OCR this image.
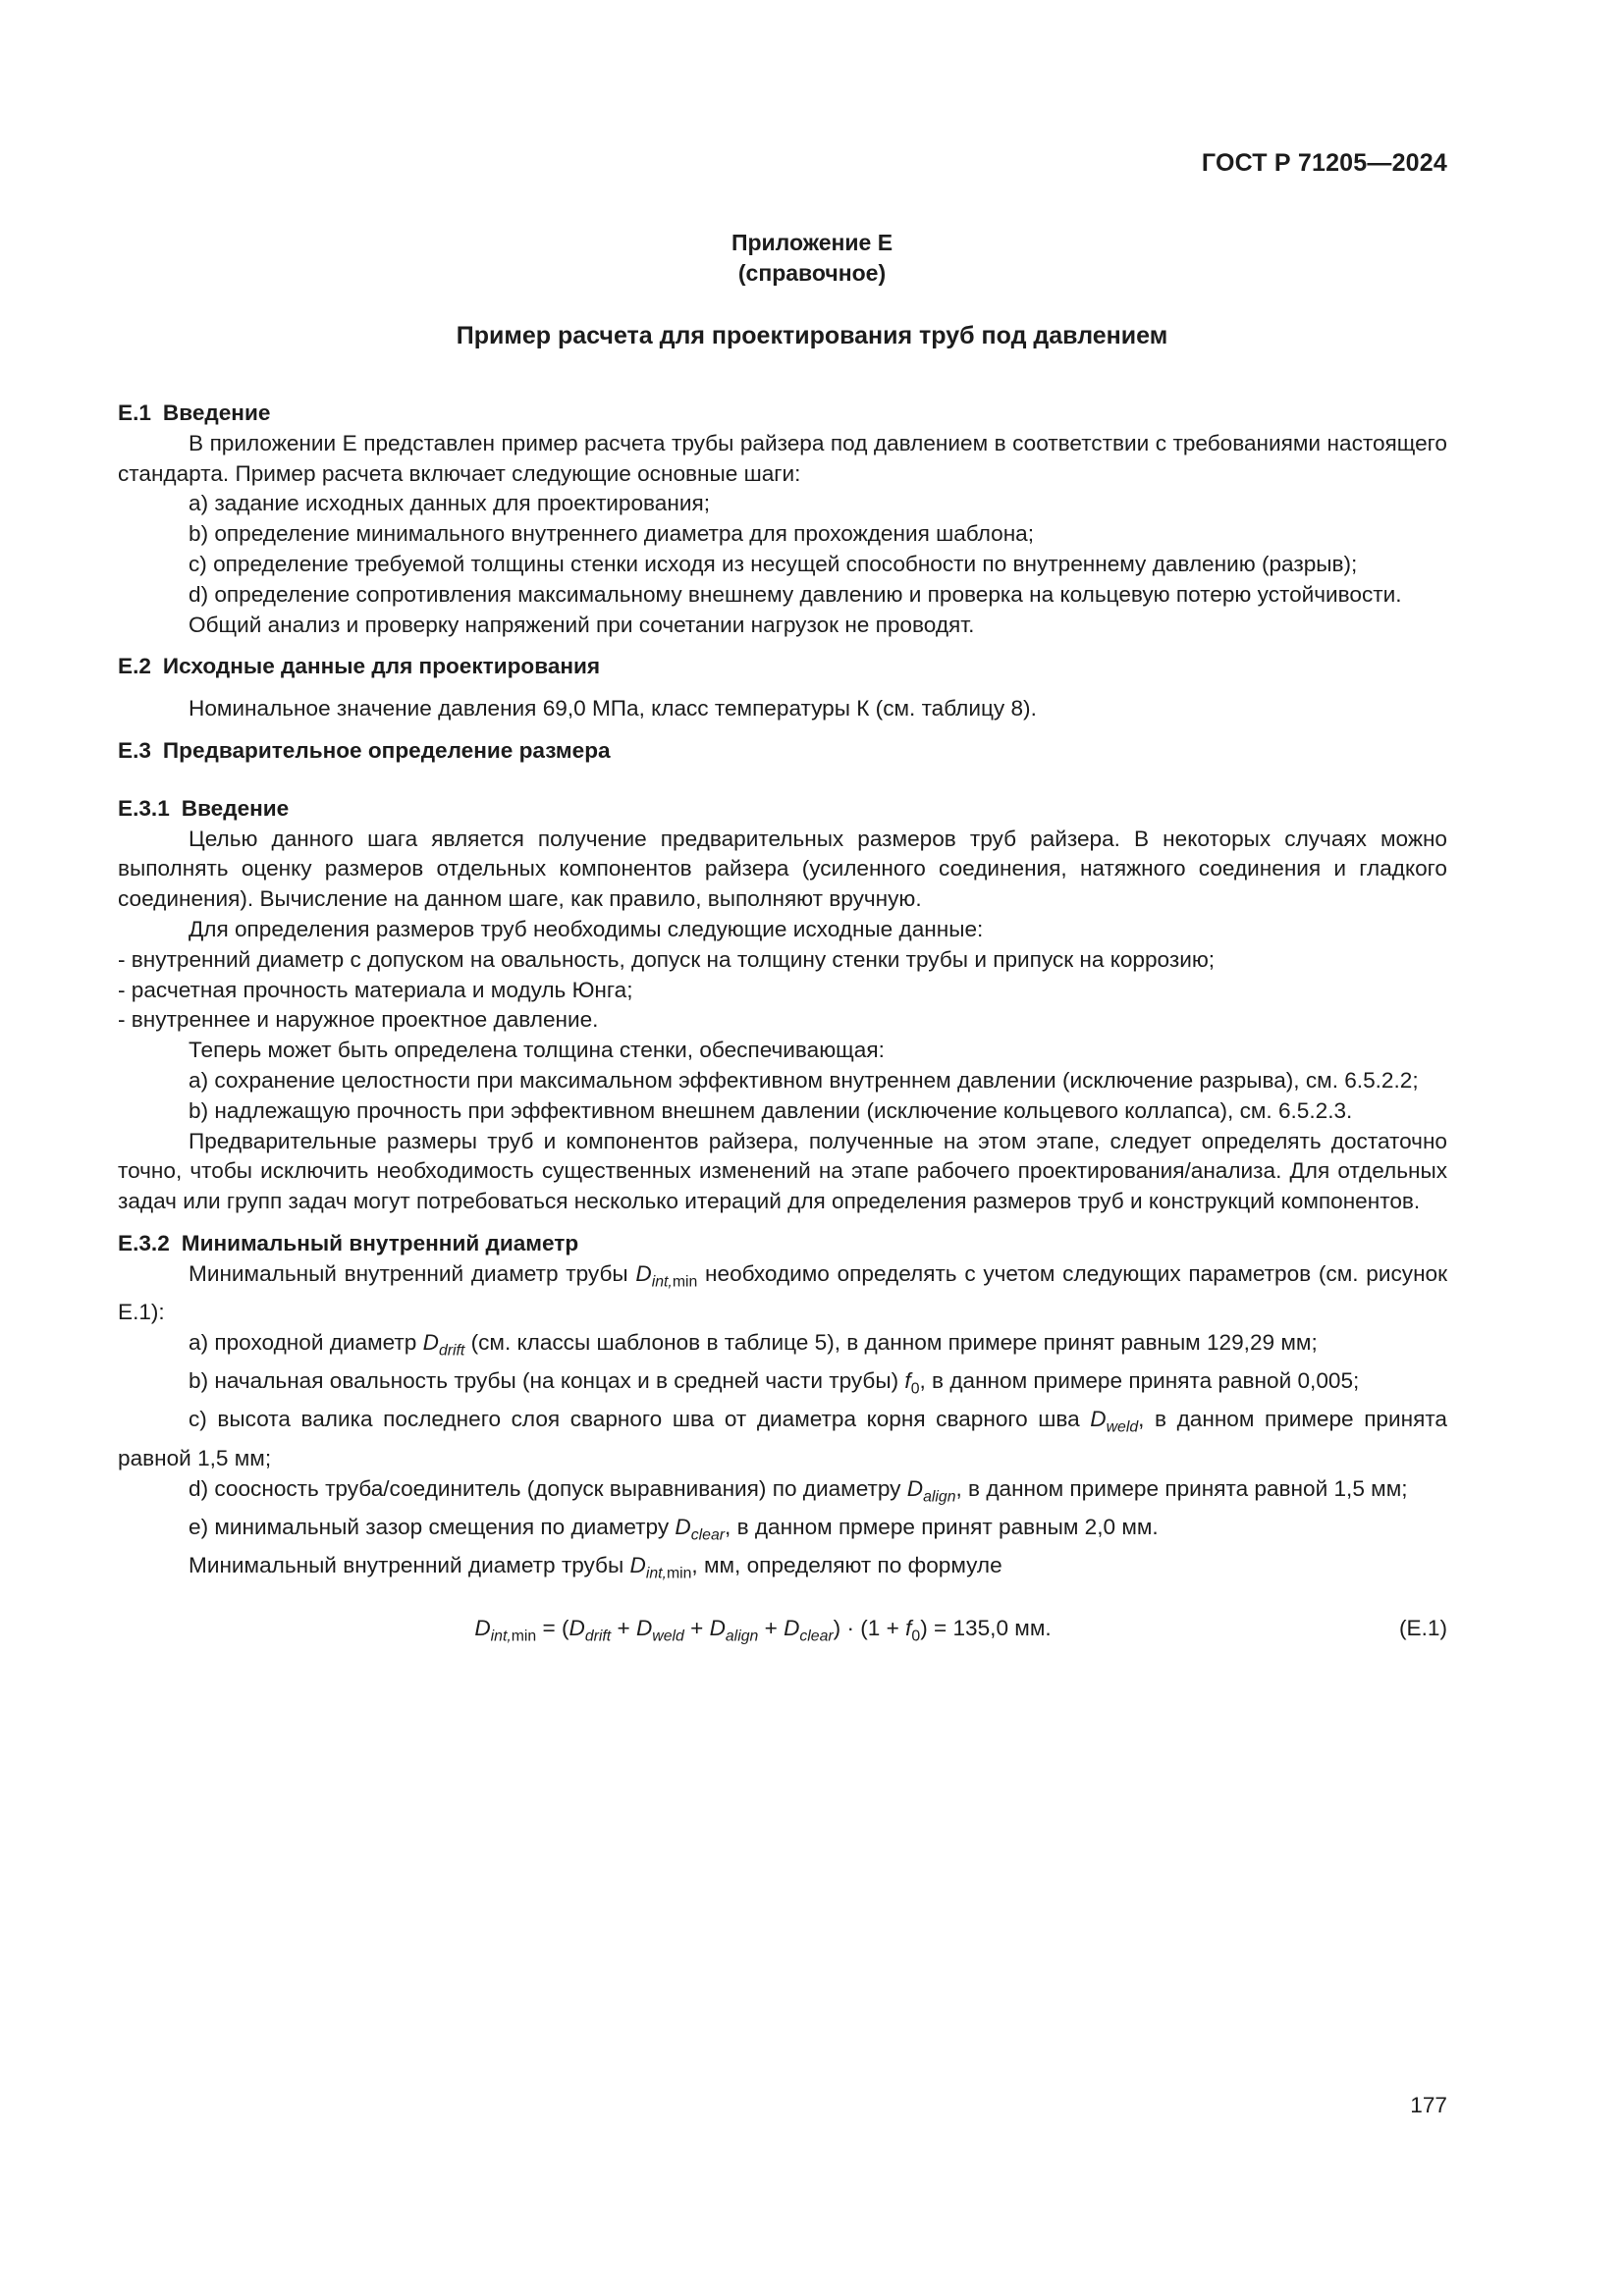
ГОСТ Р 71205—2024
Приложение Е
(справочное)
Пример расчета для проектирования труб под давлением

Е.1 Введение

В приложении Е представлен пример расчета трубы райзера под давлением в соответствии с требованиями настоящего стандарта. Пример расчета включает следующие основные шаги:

а) задание исходных данных для проектирования;

b) определение минимального внутреннего диаметра для прохождения шаблона;

с) определение требуемой толщины стенки исходя из несущей способности по внутреннему давлению (разрыв);

d) определение сопротивления максимальному внешнему давлению и проверка на кольцевую потерю устойчивости.

Общий анализ и проверку напряжений при сочетании нагрузок не проводят.

Е.2 Исходные данные для проектирования

Номинальное значение давления 69,0 МПа, класс температуры К (см. таблицу 8).

Е.3 Предварительное определение размера

Е.3.1 Введение

Целью данного шага является получение предварительных размеров труб райзера. В некоторых случаях можно выполнять оценку размеров отдельных компонентов райзера (усиленного соединения, натяжного соединения и гладкого соединения). Вычисление на данном шаге, как правило, выполняют вручную.

Для определения размеров труб необходимы следующие исходные данные:

- внутренний диаметр с допуском на овальность, допуск на толщину стенки трубы и припуск на коррозию;

- расчетная прочность материала и модуль Юнга;

- внутреннее и наружное проектное давление.

Теперь может быть определена толщина стенки, обеспечивающая:

а) сохранение целостности при максимальном эффективном внутреннем давлении (исключение разрыва), см. 6.5.2.2;

b) надлежащую прочность при эффективном внешнем давлении (исключение кольцевого коллапса), см. 6.5.2.3.

Предварительные размеры труб и компонентов райзера, полученные на этом этапе, следует определять достаточно точно, чтобы исключить необходимость существенных изменений на этапе рабочего проектирования/анализа. Для отдельных задач или групп задач могут потребоваться несколько итераций для определения размеров труб и конструкций компонентов.

Е.3.2 Минимальный внутренний диаметр

Минимальный внутренний диаметр трубы $D_{int,min}$ необходимо определять с учетом следующих параметров (см. рисунок Е.1):

а) проходной диаметр $D_{drift}$ (см. классы шаблонов в таблице 5), в данном примере принят равным 129,29 мм;

b) начальная овальность трубы (на концах и в средней части трубы) $f_0$, в данном примере принята равной 0,005;

с) высота валика последнего слоя сварного шва от диаметра корня сварного шва $D_{weld}$, в данном примере принята равной 1,5 мм;

d) соосность труба/соединитель (допуск выравнивания) по диаметру $D_{align}$, в данном примере принята равной 1,5 мм;

е) минимальный зазор смещения по диаметру $D_{clear}$, в данном прмере принят равным 2,0 мм.

Минимальный внутренний диаметр трубы $D_{int,min}$, мм, определяют по формуле

$D_{int,min} = (D_{drift} + D_{weld} + D_{align} + D_{clear}) \cdot (1 + f_0) = 135,0$ мм.	(Е.1)
177
